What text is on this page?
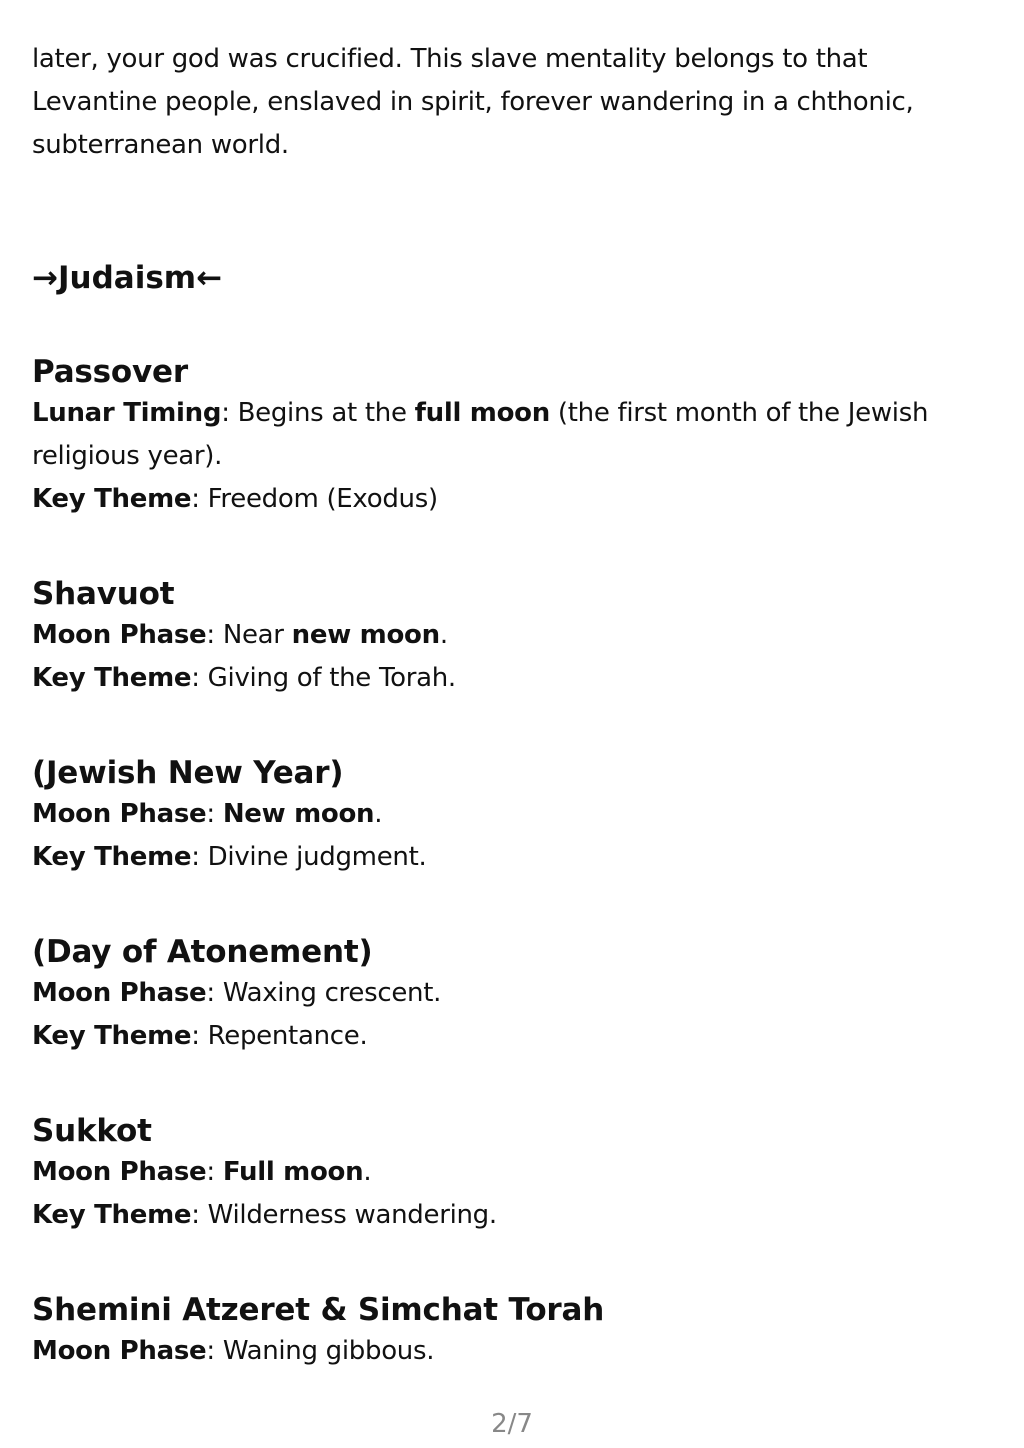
later, your god was crucified. This slave mentality belongs to that Levantine people, enslaved in spirit, forever wandering in a chthonic, subterranean world.

→Judaism←
Passover

Lunar Timing: Begins at the full moon (the first month of the Jewish religious year).

Key Theme: Freedom (Exodus)

Shavuot

Moon Phase: Near new moon.

Key Theme: Giving of the Torah.

(Jewish New Year)

Moon Phase: New moon.

Key Theme: Divine judgment.

(Day of Atonement)

Moon Phase: Waxing crescent.

Key Theme: Repentance.

Sukkot

Moon Phase: Full moon.

Key Theme: Wilderness wandering.

Shemini Atzeret & Simchat Torah

Moon Phase: Waning gibbous.

2/7
